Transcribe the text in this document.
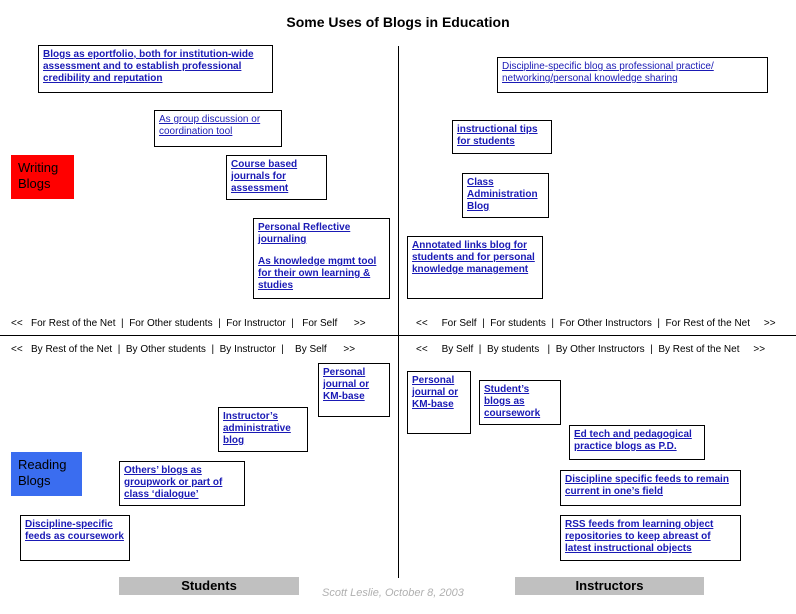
Some Uses of Blogs in Education
Writing Blogs
Reading Blogs
<<   For Rest of the Net  |  For Other students  |  For Instructor  |   For Self      >>	<<     For Self  |  For students  |  For Other Instructors  |  For Rest of the Net     >>
<<   By Rest of the Net  |  By Other students  |  By Instructor  |    By Self      >>	<<     By Self  |  By students   |  By Other Instructors  |  By Rest of the Net     >>
Blogs as eportfolio, both for institution-wide assessment and to establish professional credibility and reputation
As group discussion or coordination tool
Course based journals for assessment
Personal Reflective journaling
As knowledge mgmt tool for their own learning & studies
Discipline-specific blog as professional practice/ networking/personal knowledge sharing
instructional tips for students
Class Administration Blog
Annotated links blog for students and for personal knowledge management
Personal journal or KM-base
Instructor’s administrative blog
Others’ blogs as groupwork or part of class ‘dialogue’
Discipline-specific feeds as coursework
Personal journal or KM-base
Student’s blogs as coursework
Ed tech and pedagogical practice blogs as P.D.
Discipline specific feeds to remain current in one’s field
RSS feeds from learning object repositories to keep abreast of latest instructional objects
Students	Instructors
Scott Leslie, October 8, 2003
